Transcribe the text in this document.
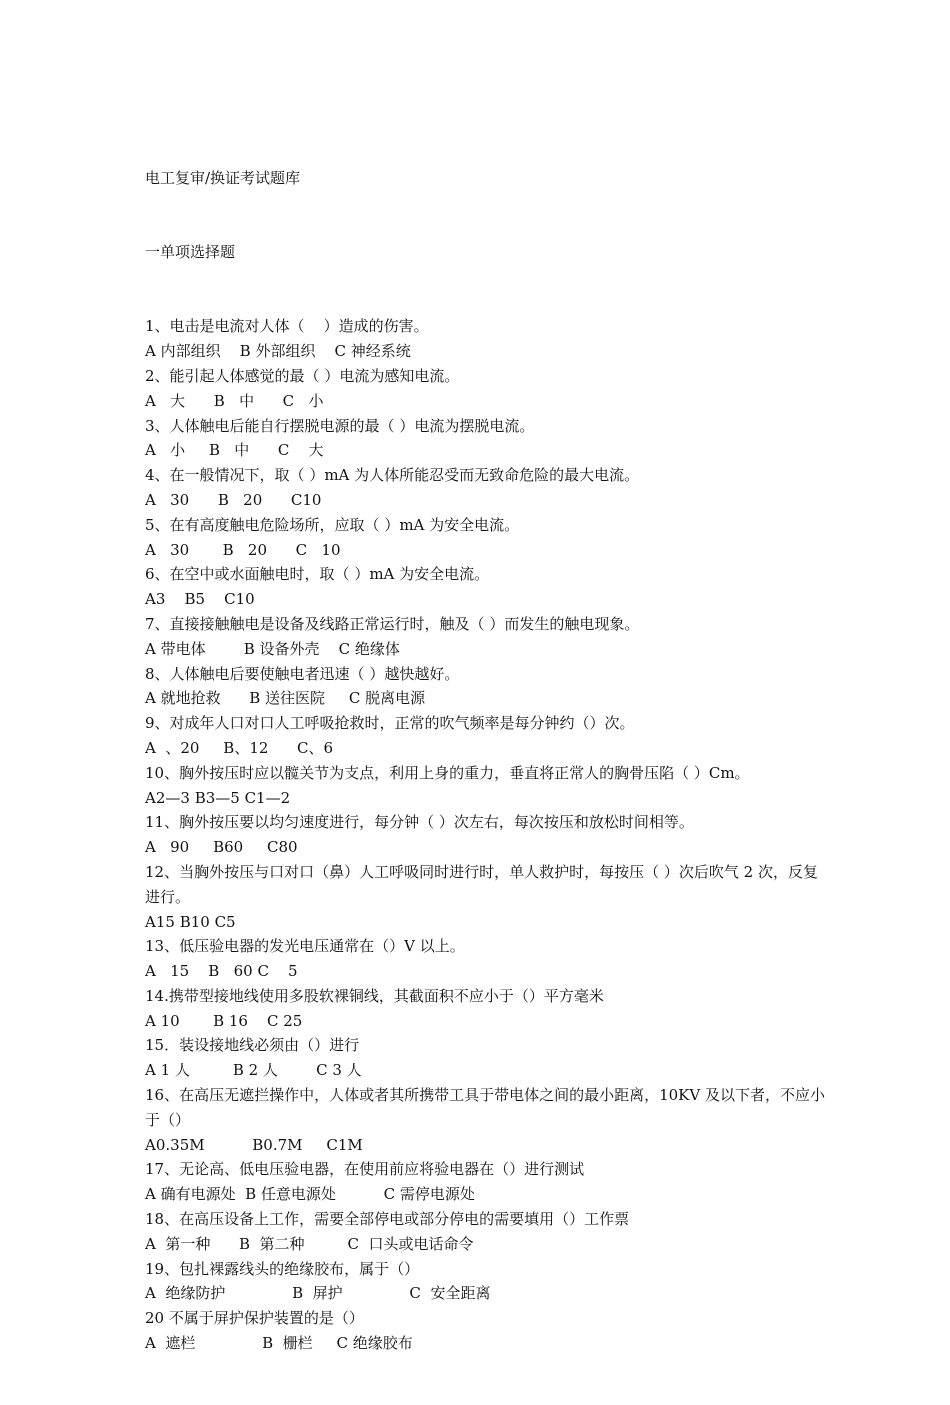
电工复审/换证考试题库

一单项选择题

1、电击是电流对人体（    ）造成的伤害。
A 内部组织    B 外部组织    C 神经系统
2、能引起人体感觉的最（ ）电流为感知电流。
A   大      B   中      C   小
3、人体触电后能自行摆脱电源的最（ ）电流为摆脱电流。
A   小     B   中      C    大
4、在一般情况下，取（ ）mA 为人体所能忍受而无致命危险的最大电流。
A   30      B   20      C10
5、在有高度触电危险场所，应取（ ）mA 为安全电流。
A   30       B   20      C   10
6、在空中或水面触电时，取（ ）mA 为安全电流。
A3    B5    C10
7、直接接触触电是设备及线路正常运行时，触及（ ）而发生的触电现象。
A 带电体        B 设备外壳    C 绝缘体
8、人体触电后要使触电者迅速（ ）越快越好。
A 就地抢救      B 送往医院     C 脱离电源
9、对成年人口对口人工呼吸抢救时，正常的吹气频率是每分钟约（）次。
A  、20     B、12      C、6
10、胸外按压时应以髋关节为支点，利用上身的重力，垂直将正常人的胸骨压陷（ ）Cm。
A2—3 B3—5 C1—2
11、胸外按压要以均匀速度进行，每分钟（ ）次左右，每次按压和放松时间相等。
A   90     B60     C80
12、当胸外按压与口对口（鼻）人工呼吸同时进行时，单人救护时，每按压（ ）次后吹气 2 次，反复进行。
A15 B10 C5
13、低压验电器的发光电压通常在（）V 以上。
A   15    B   60 C    5
14.携带型接地线使用多股软裸铜线，其截面积不应小于（）平方毫米
A 10       B 16    C 25
15．装设接地线必须由（）进行
A 1 人         B 2 人        C 3 人
16、在高压无遮拦操作中，人体或者其所携带工具于带电体之间的最小距离，10KV 及以下者，不应小于（）
A0.35M          B0.7M     C1M
17、无论高、低电压验电器，在使用前应将验电器在（）进行测试
A 确有电源处  B 任意电源处          C 需停电源处
18、在高压设备上工作，需要全部停电或部分停电的需要填用（）工作票
A  第一种      B  第二种         C  口头或电话命令
19、包扎裸露线头的绝缘胶布，属于（）
A  绝缘防护              B  屏护              C  安全距离
20 不属于屏护保护装置的是（）
A  遮栏              B  栅栏     C 绝缘胶布
